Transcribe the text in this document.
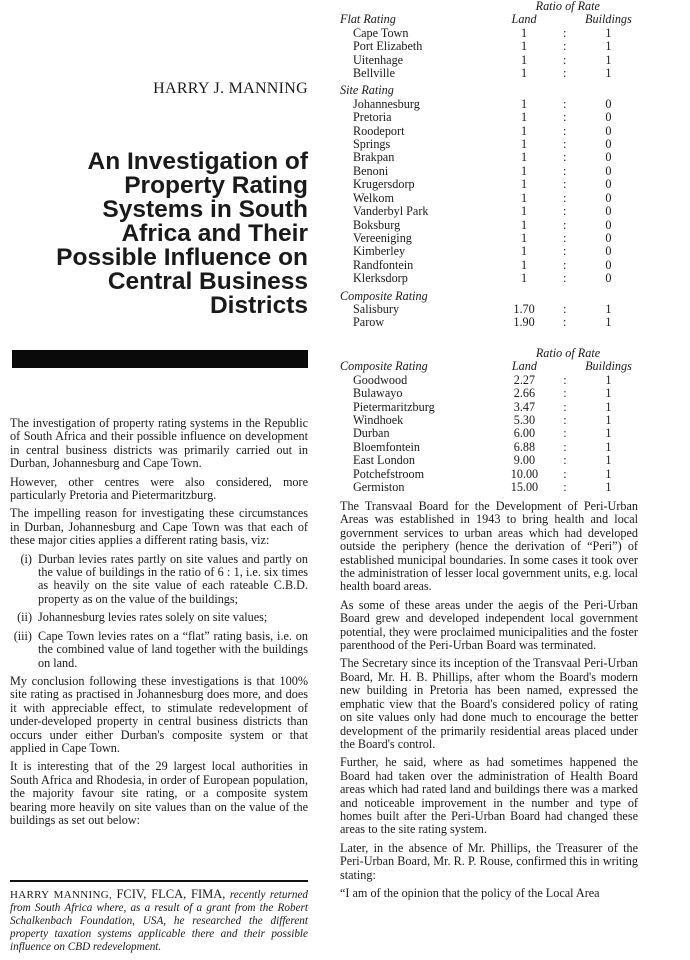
HARRY J. MANNING
An Investigation of
Property Rating
Systems in South
Africa and Their
Possible Influence on
Central Business
Districts

The investigation of property rating systems in the Republic of South Africa and their possible influence on development in central business districts was primarily carried out in Durban, Johannesburg and Cape Town.

However, other centres were also considered, more particularly Pretoria and Pietermaritzburg.

The impelling reason for investigating these circumstances in Durban, Johannesburg and Cape Town was that each of these major cities applies a different rating basis, viz:

(i) Durban levies rates partly on site values and partly on the value of buildings in the ratio of 6 : 1, i.e. six times as heavily on the site value of each rateable C.B.D. property as on the value of the buildings;
(ii) Johannesburg levies rates solely on site values;
(iii) Cape Town levies rates on a “flat” rating basis, i.e. on the combined value of land together with the buildings on land.

My conclusion following these investigations is that 100% site rating as practised in Johannesburg does more, and does it with appreciable effect, to stimulate redevelopment of under-developed property in central business districts than occurs under either Durban's composite system or that applied in Cape Town.

It is interesting that of the 29 largest local authorities in South Africa and Rhodesia, in order of European population, the majority favour site rating, or a composite system bearing more heavily on site values than on the value of the buildings as set out below:

HARRY MANNING, FCIV, FLCA, FIMA, recently returned from South Africa where, as a result of a grant from the Robert Schalkenbach Foundation, USA, he researched the different property taxation systems applicable there and their possible influence on CBD redevelopment.
	Ratio of Rate		
Flat Rating	Land		Buildings
Cape Town	1	:	1
Port Elizabeth	1	:	1
Uitenhage	1	:	1
Bellville	1	:	1

Site Rating			
Johannesburg	1	:	0
Pretoria	1	:	0
Roodeport	1	:	0
Springs	1	:	0
Brakpan	1	:	0
Benoni	1	:	0
Krugersdorp	1	:	0
Welkom	1	:	0
Vanderbyl Park	1	:	0
Boksburg	1	:	0
Vereeniging	1	:	0
Kimberley	1	:	0
Randfontein	1	:	0
Klerksdorp	1	:	0

Composite Rating			
Salisbury	1.70	:	1
Parow	1.90	:	1
	Ratio of Rate		
Composite Rating	Land		Buildings
Goodwood	2.27	:	1
Bulawayo	2.66	:	1
Pietermaritzburg	3.47	:	1
Windhoek	5.30	:	1
Durban	6.00	:	1
Bloemfontein	6.88	:	1
East London	9.00	:	1
Potchefstroom	10.00	:	1
Germiston	15.00	:	1

The Transvaal Board for the Development of Peri-Urban Areas was established in 1943 to bring health and local government services to urban areas which had developed outside the periphery (hence the derivation of “Peri”) of established municipal boundaries. In some cases it took over the administration of lesser local government units, e.g. local health board areas.

As some of these areas under the aegis of the Peri-Urban Board grew and developed independent local government potential, they were proclaimed municipalities and the foster parenthood of the Peri-Urban Board was terminated.

The Secretary since its inception of the Transvaal Peri-Urban Board, Mr. H. B. Phillips, after whom the Board's modern new building in Pretoria has been named, expressed the emphatic view that the Board's considered policy of rating on site values only had done much to encourage the better development of the primarily residential areas placed under the Board's control.

Further, he said, where as had sometimes happened the Board had taken over the administration of Health Board areas which had rated land and buildings there was a marked and noticeable improvement in the number and type of homes built after the Peri-Urban Board had changed these areas to the site rating system.

Later, in the absence of Mr. Phillips, the Treasurer of the Peri-Urban Board, Mr. R. P. Rouse, confirmed this in writing stating:

“I am of the opinion that the policy of the Local Area
